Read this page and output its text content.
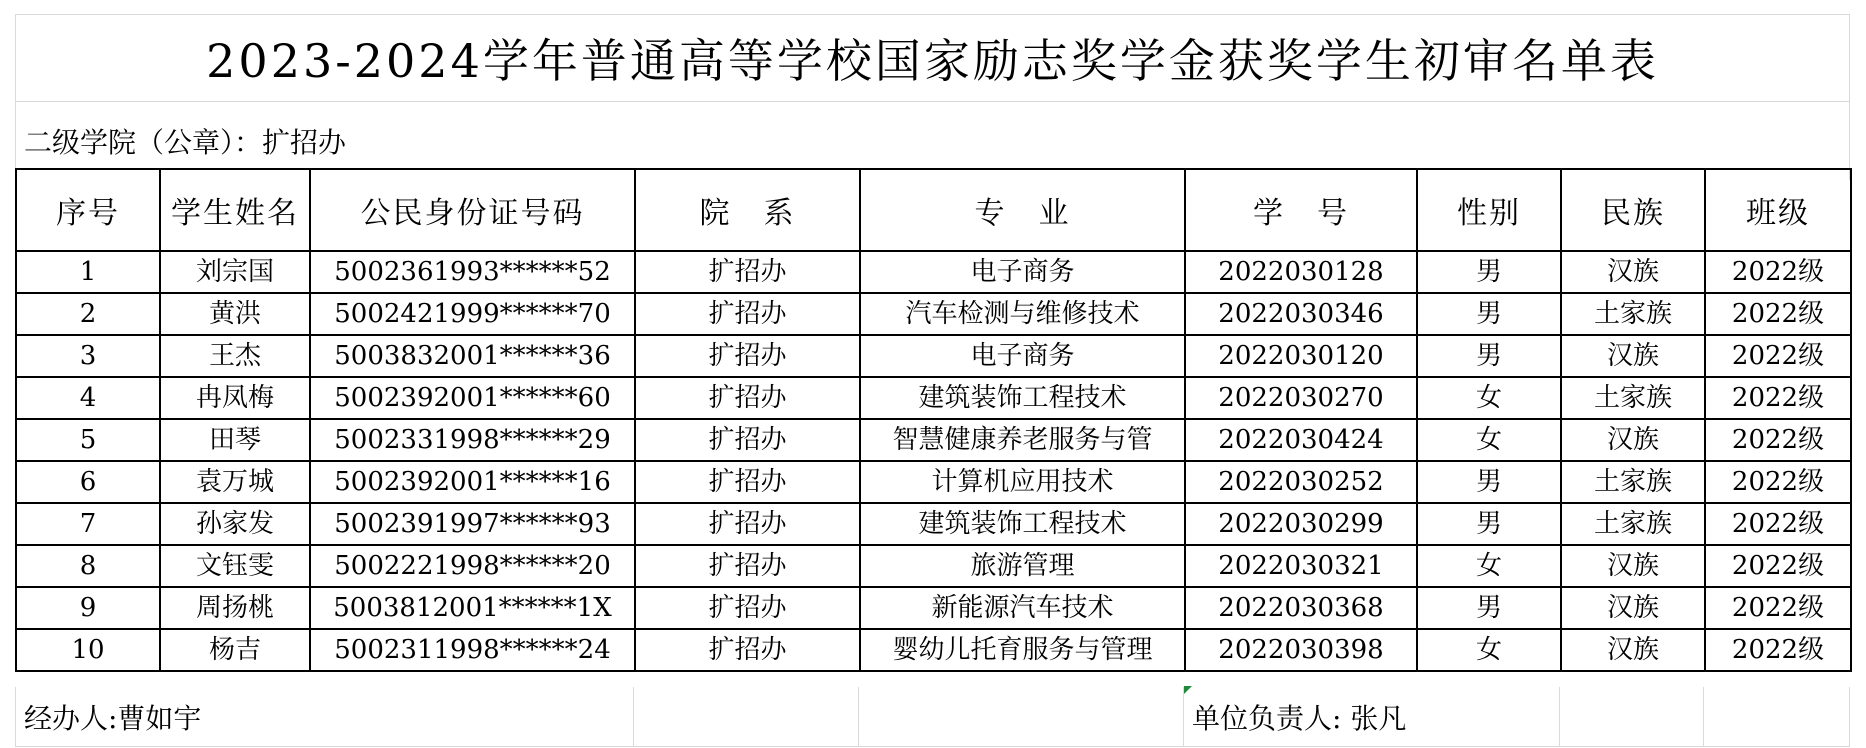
2023-2024学年普通高等学校国家励志奖学金获奖学生初审名单表
二级学院（公章）：扩招办
序号	学生姓名	公民身份证号码	院　系	专　业	学　号	性别	民族	班级
1	刘宗国	5002361993******52	扩招办	电子商务	2022030128	男	汉族	2022级
2	黄洪	5002421999******70	扩招办	汽车检测与维修技术	2022030346	男	土家族	2022级
3	王杰	5003832001******36	扩招办	电子商务	2022030120	男	汉族	2022级
4	冉凤梅	5002392001******60	扩招办	建筑装饰工程技术	2022030270	女	土家族	2022级
5	田琴	5002331998******29	扩招办	智慧健康养老服务与管	2022030424	女	汉族	2022级
6	袁万城	5002392001******16	扩招办	计算机应用技术	2022030252	男	土家族	2022级
7	孙家发	5002391997******93	扩招办	建筑装饰工程技术	2022030299	男	土家族	2022级
8	文钰雯	5002221998******20	扩招办	旅游管理	2022030321	女	汉族	2022级
9	周扬桃	5003812001******1X	扩招办	新能源汽车技术	2022030368	男	汉族	2022级
10	杨吉	5002311998******24	扩招办	婴幼儿托育服务与管理	2022030398	女	汉族	2022级
经办人:曹如宇	单位负责人: 张凡
